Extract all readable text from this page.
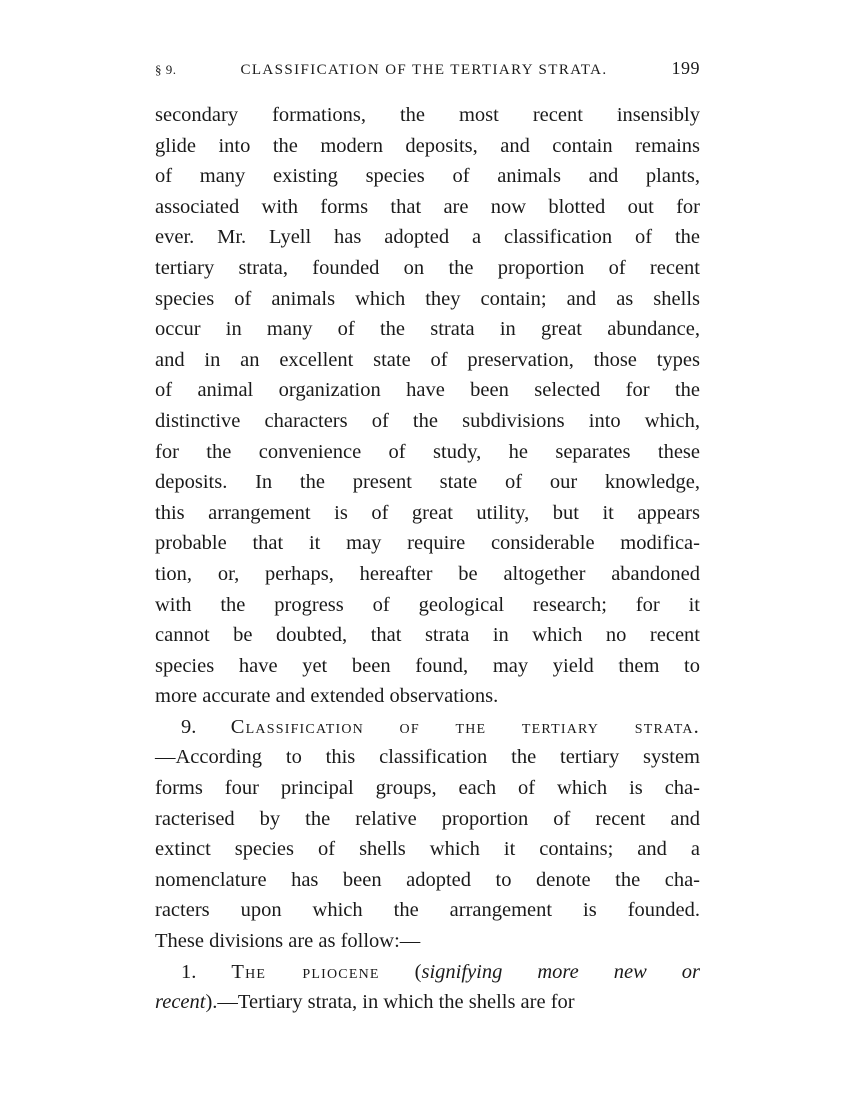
§ 9.	CLASSIFICATION OF THE TERTIARY STRATA.	199
secondary formations, the most recent insensibly
glide into the modern deposits, and contain remains
of many existing species of animals and plants,
associated with forms that are now blotted out for
ever. Mr. Lyell has adopted a classification of the
tertiary strata, founded on the proportion of recent
species of animals which they contain; and as shells
occur in many of the strata in great abundance,
and in an excellent state of preservation, those types
of animal organization have been selected for the
distinctive characters of the subdivisions into which,
for the convenience of study, he separates these
deposits. In the present state of our knowledge,
this arrangement is of great utility, but it appears
probable that it may require considerable modifica-
tion, or, perhaps, hereafter be altogether abandoned
with the progress of geological research; for it
cannot be doubted, that strata in which no recent
species have yet been found, may yield them to
more accurate and extended observations.
9. Classification of the tertiary strata.
—According to this classification the tertiary system
forms four principal groups, each of which is cha-
racterised by the relative proportion of recent and
extinct species of shells which it contains; and a
nomenclature has been adopted to denote the cha-
racters upon which the arrangement is founded.
These divisions are as follow:—
1. The pliocene (signifying more new or
recent).—Tertiary strata, in which the shells are for
